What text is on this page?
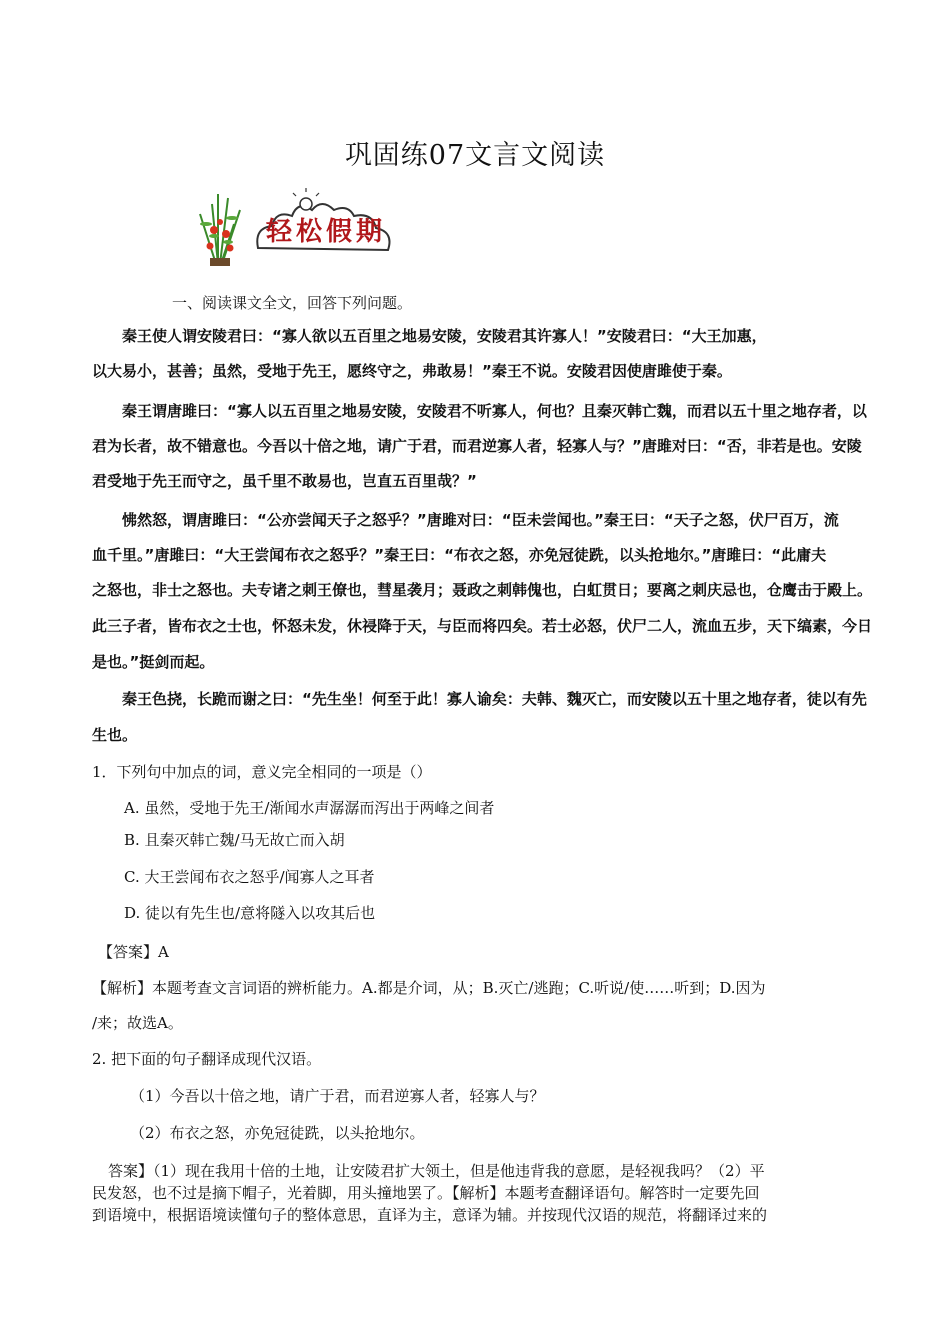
巩固练07文言文阅读
轻松假期
一、阅读课文全文，回答下列问题。
秦王使人谓安陵君曰：“寡人欲以五百里之地易安陵，安陵君其许寡人！”安陵君曰：“大王加惠，
以大易小，甚善；虽然，受地于先王，愿终守之，弗敢易！”秦王不说。安陵君因使唐雎使于秦。
秦王谓唐雎曰：“寡人以五百里之地易安陵，安陵君不听寡人，何也？且秦灭韩亡魏，而君以五十里之地存者，以
君为长者，故不错意也。今吾以十倍之地，请广于君，而君逆寡人者，轻寡人与？”唐雎对曰：“否，非若是也。安陵
君受地于先王而守之，虽千里不敢易也，岂直五百里哉？”
怫然怒，谓唐雎曰：“公亦尝闻天子之怒乎？”唐雎对曰：“臣未尝闻也。”秦王曰：“天子之怒，伏尸百万，流
血千里。”唐雎曰：“大王尝闻布衣之怒乎？”秦王曰：“布衣之怒，亦免冠徒跣，以头抢地尔。”唐雎曰：“此庸夫
之怒也，非士之怒也。夫专诸之刺王僚也，彗星袭月；聂政之刺韩傀也，白虹贯日；要离之刺庆忌也，仓鹰击于殿上。
此三子者，皆布衣之士也，怀怒未发，休祲降于天，与臣而将四矣。若士必怒，伏尸二人，流血五步，天下缟素，今日
是也。”挺剑而起。
秦王色挠，长跪而谢之曰：“先生坐！何至于此！寡人谕矣：夫韩、魏灭亡，而安陵以五十里之地存者，徒以有先
生也。
1．下列句中加点的词，意义完全相同的一项是（）
A. 虽然，受地于先王/渐闻水声潺潺而泻出于两峰之间者
B. 且秦灭韩亡魏/马无故亡而入胡
C. 大王尝闻布衣之怒乎/闻寡人之耳者
D. 徒以有先生也/意将隧入以攻其后也
【答案】A
【解析】本题考查文言词语的辨析能力。A.都是介词，从；B.灭亡/逃跑；C.听说/使……听到；D.因为
/来；故选A。
2. 把下面的句子翻译成现代汉语。
（1）今吾以十倍之地，请广于君，而君逆寡人者，轻寡人与？
（2）布衣之怒，亦免冠徒跣，以头抢地尔。
答案】（1）现在我用十倍的土地，让安陵君扩大领土，但是他违背我的意愿，是轻视我吗？（2）平
民发怒，也不过是摘下帽子，光着脚，用头撞地罢了。【解析】本题考查翻译语句。解答时一定要先回
到语境中，根据语境读懂句子的整体意思，直译为主，意译为辅。并按现代汉语的规范，将翻译过来的
